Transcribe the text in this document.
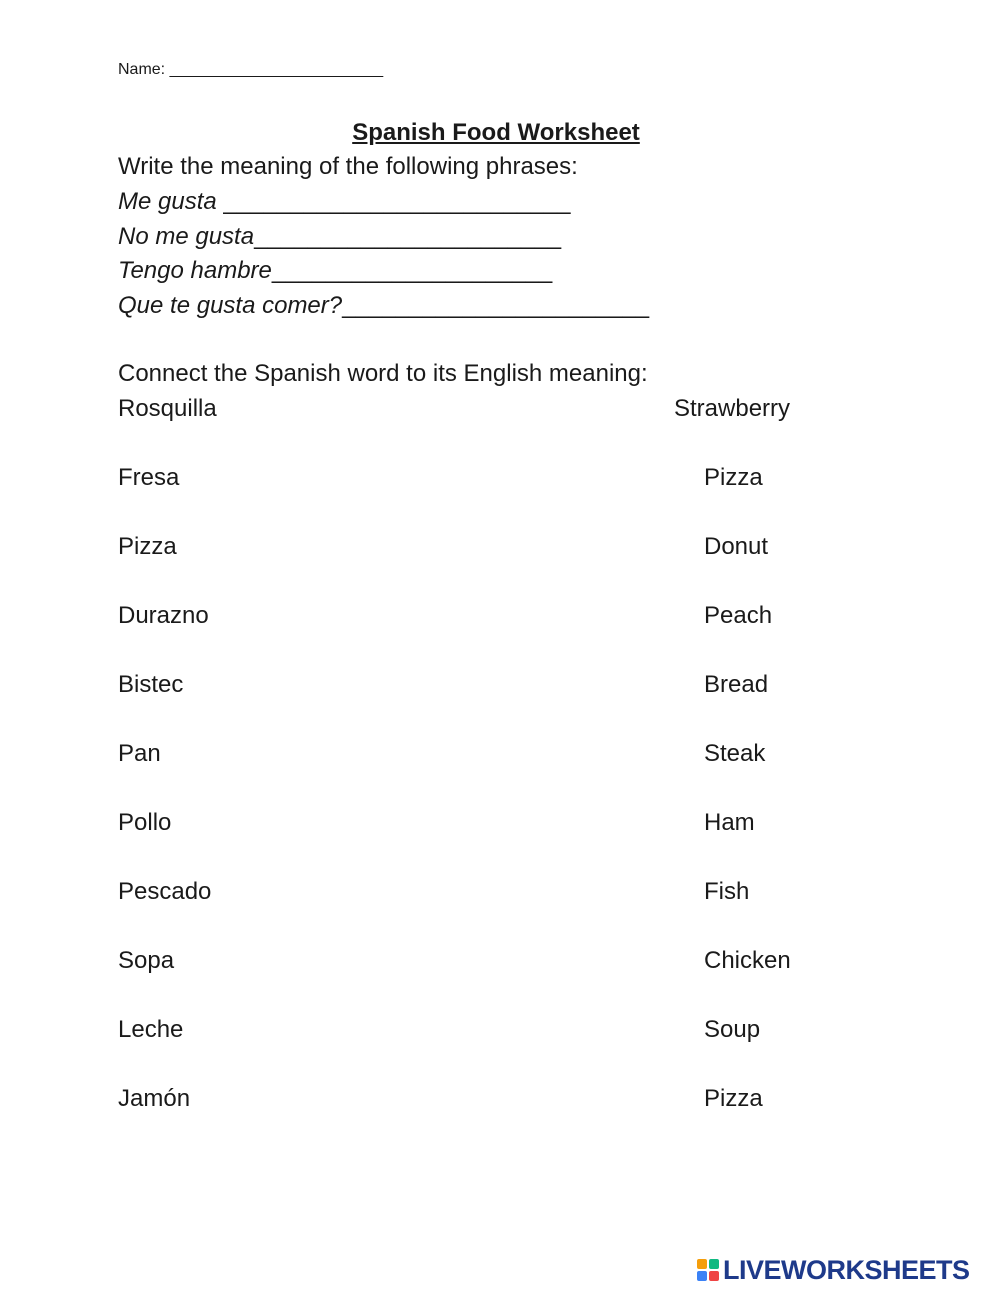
Name: ________________________
Spanish Food Worksheet
Write the meaning of the following phrases:
Me gusta __________________________
No me gusta_______________________
Tengo hambre_____________________
Que te gusta comer?_______________________
Connect the Spanish word to its English meaning:
Rosquilla	Strawberry
Fresa	Pizza
Pizza	Donut
Durazno	Peach
Bistec	Bread
Pan	Steak
Pollo	Ham
Pescado	Fish
Sopa	Chicken
Leche	Soup
Jamón	Pizza
LIVEWORKSHEETS
